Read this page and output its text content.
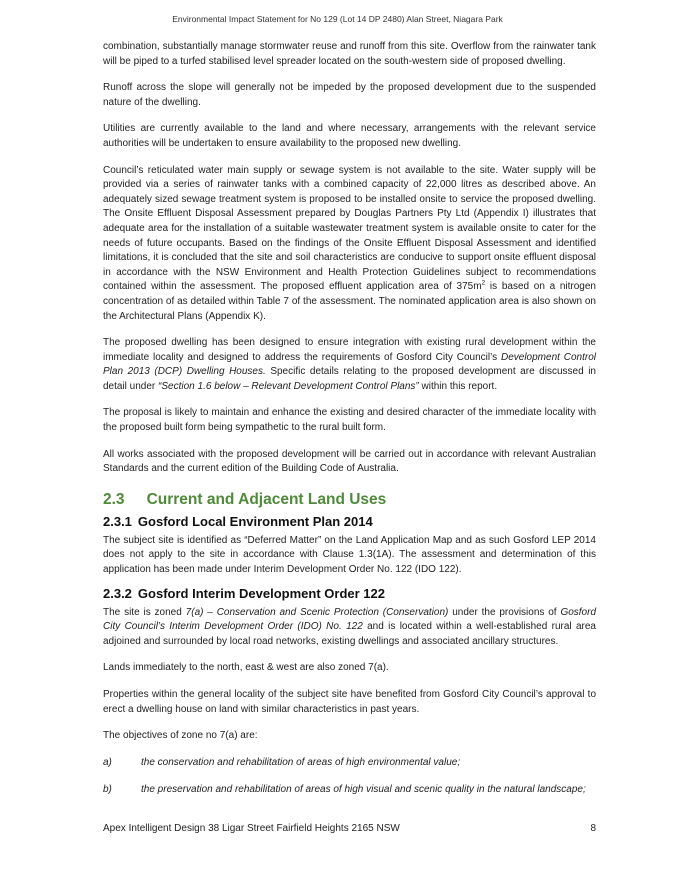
Environmental Impact Statement for No 129 (Lot 14 DP 2480) Alan Street, Niagara Park

combination, substantially manage stormwater reuse and runoff from this site. Overflow from the rainwater tank will be piped to a turfed stabilised level spreader located on the south-western side of proposed dwelling.

Runoff across the slope will generally not be impeded by the proposed development due to the suspended nature of the dwelling.

Utilities are currently available to the land and where necessary, arrangements with the relevant service authorities will be undertaken to ensure availability to the proposed new dwelling.

Council’s reticulated water main supply or sewage system is not available to the site. Water supply will be provided via a series of rainwater tanks with a combined capacity of 22,000 litres as described above. An adequately sized sewage treatment system is proposed to be installed onsite to service the proposed dwelling. The Onsite Effluent Disposal Assessment prepared by Douglas Partners Pty Ltd (Appendix I) illustrates that adequate area for the installation of a suitable wastewater treatment system is available onsite to cater for the needs of future occupants. Based on the findings of the Onsite Effluent Disposal Assessment and identified limitations, it is concluded that the site and soil characteristics are conducive to support onsite effluent disposal in accordance with the NSW Environment and Health Protection Guidelines subject to recommendations contained within the assessment. The proposed effluent application area of $375m^2$ is based on a nitrogen concentration of as detailed within Table 7 of the assessment. The nominated application area is also shown on the Architectural Plans (Appendix K).

The proposed dwelling has been designed to ensure integration with existing rural development within the immediate locality and designed to address the requirements of Gosford City Council’s Development Control Plan 2013 (DCP) Dwelling Houses. Specific details relating to the proposed development are discussed in detail under “Section 1.6 below – Relevant Development Control Plans” within this report.

The proposal is likely to maintain and enhance the existing and desired character of the immediate locality with the proposed built form being sympathetic to the rural built form.

All works associated with the proposed development will be carried out in accordance with relevant Australian Standards and the current edition of the Building Code of Australia.

2.3 Current and Adjacent Land Uses
2.3.1 Gosford Local Environment Plan 2014

The subject site is identified as “Deferred Matter” on the Land Application Map and as such Gosford LEP 2014 does not apply to the site in accordance with Clause 1.3(1A). The assessment and determination of this application has been made under Interim Development Order No. 122 (IDO 122).

2.3.2 Gosford Interim Development Order 122

The site is zoned 7(a) – Conservation and Scenic Protection (Conservation) under the provisions of Gosford City Council’s Interim Development Order (IDO) No. 122 and is located within a well-established rural area adjoined and surrounded by local road networks, existing dwellings and associated ancillary structures.

Lands immediately to the north, east & west are also zoned 7(a).

Properties within the general locality of the subject site have benefited from Gosford City Council’s approval to erect a dwelling house on land with similar characteristics in past years.

The objectives of zone no 7(a) are:

a)	the conservation and rehabilitation of areas of high environmental value;
b)	the preservation and rehabilitation of areas of high visual and scenic quality in the natural landscape;
Apex Intelligent Design 38 Ligar Street Fairfield Heights 2165 NSW	8
